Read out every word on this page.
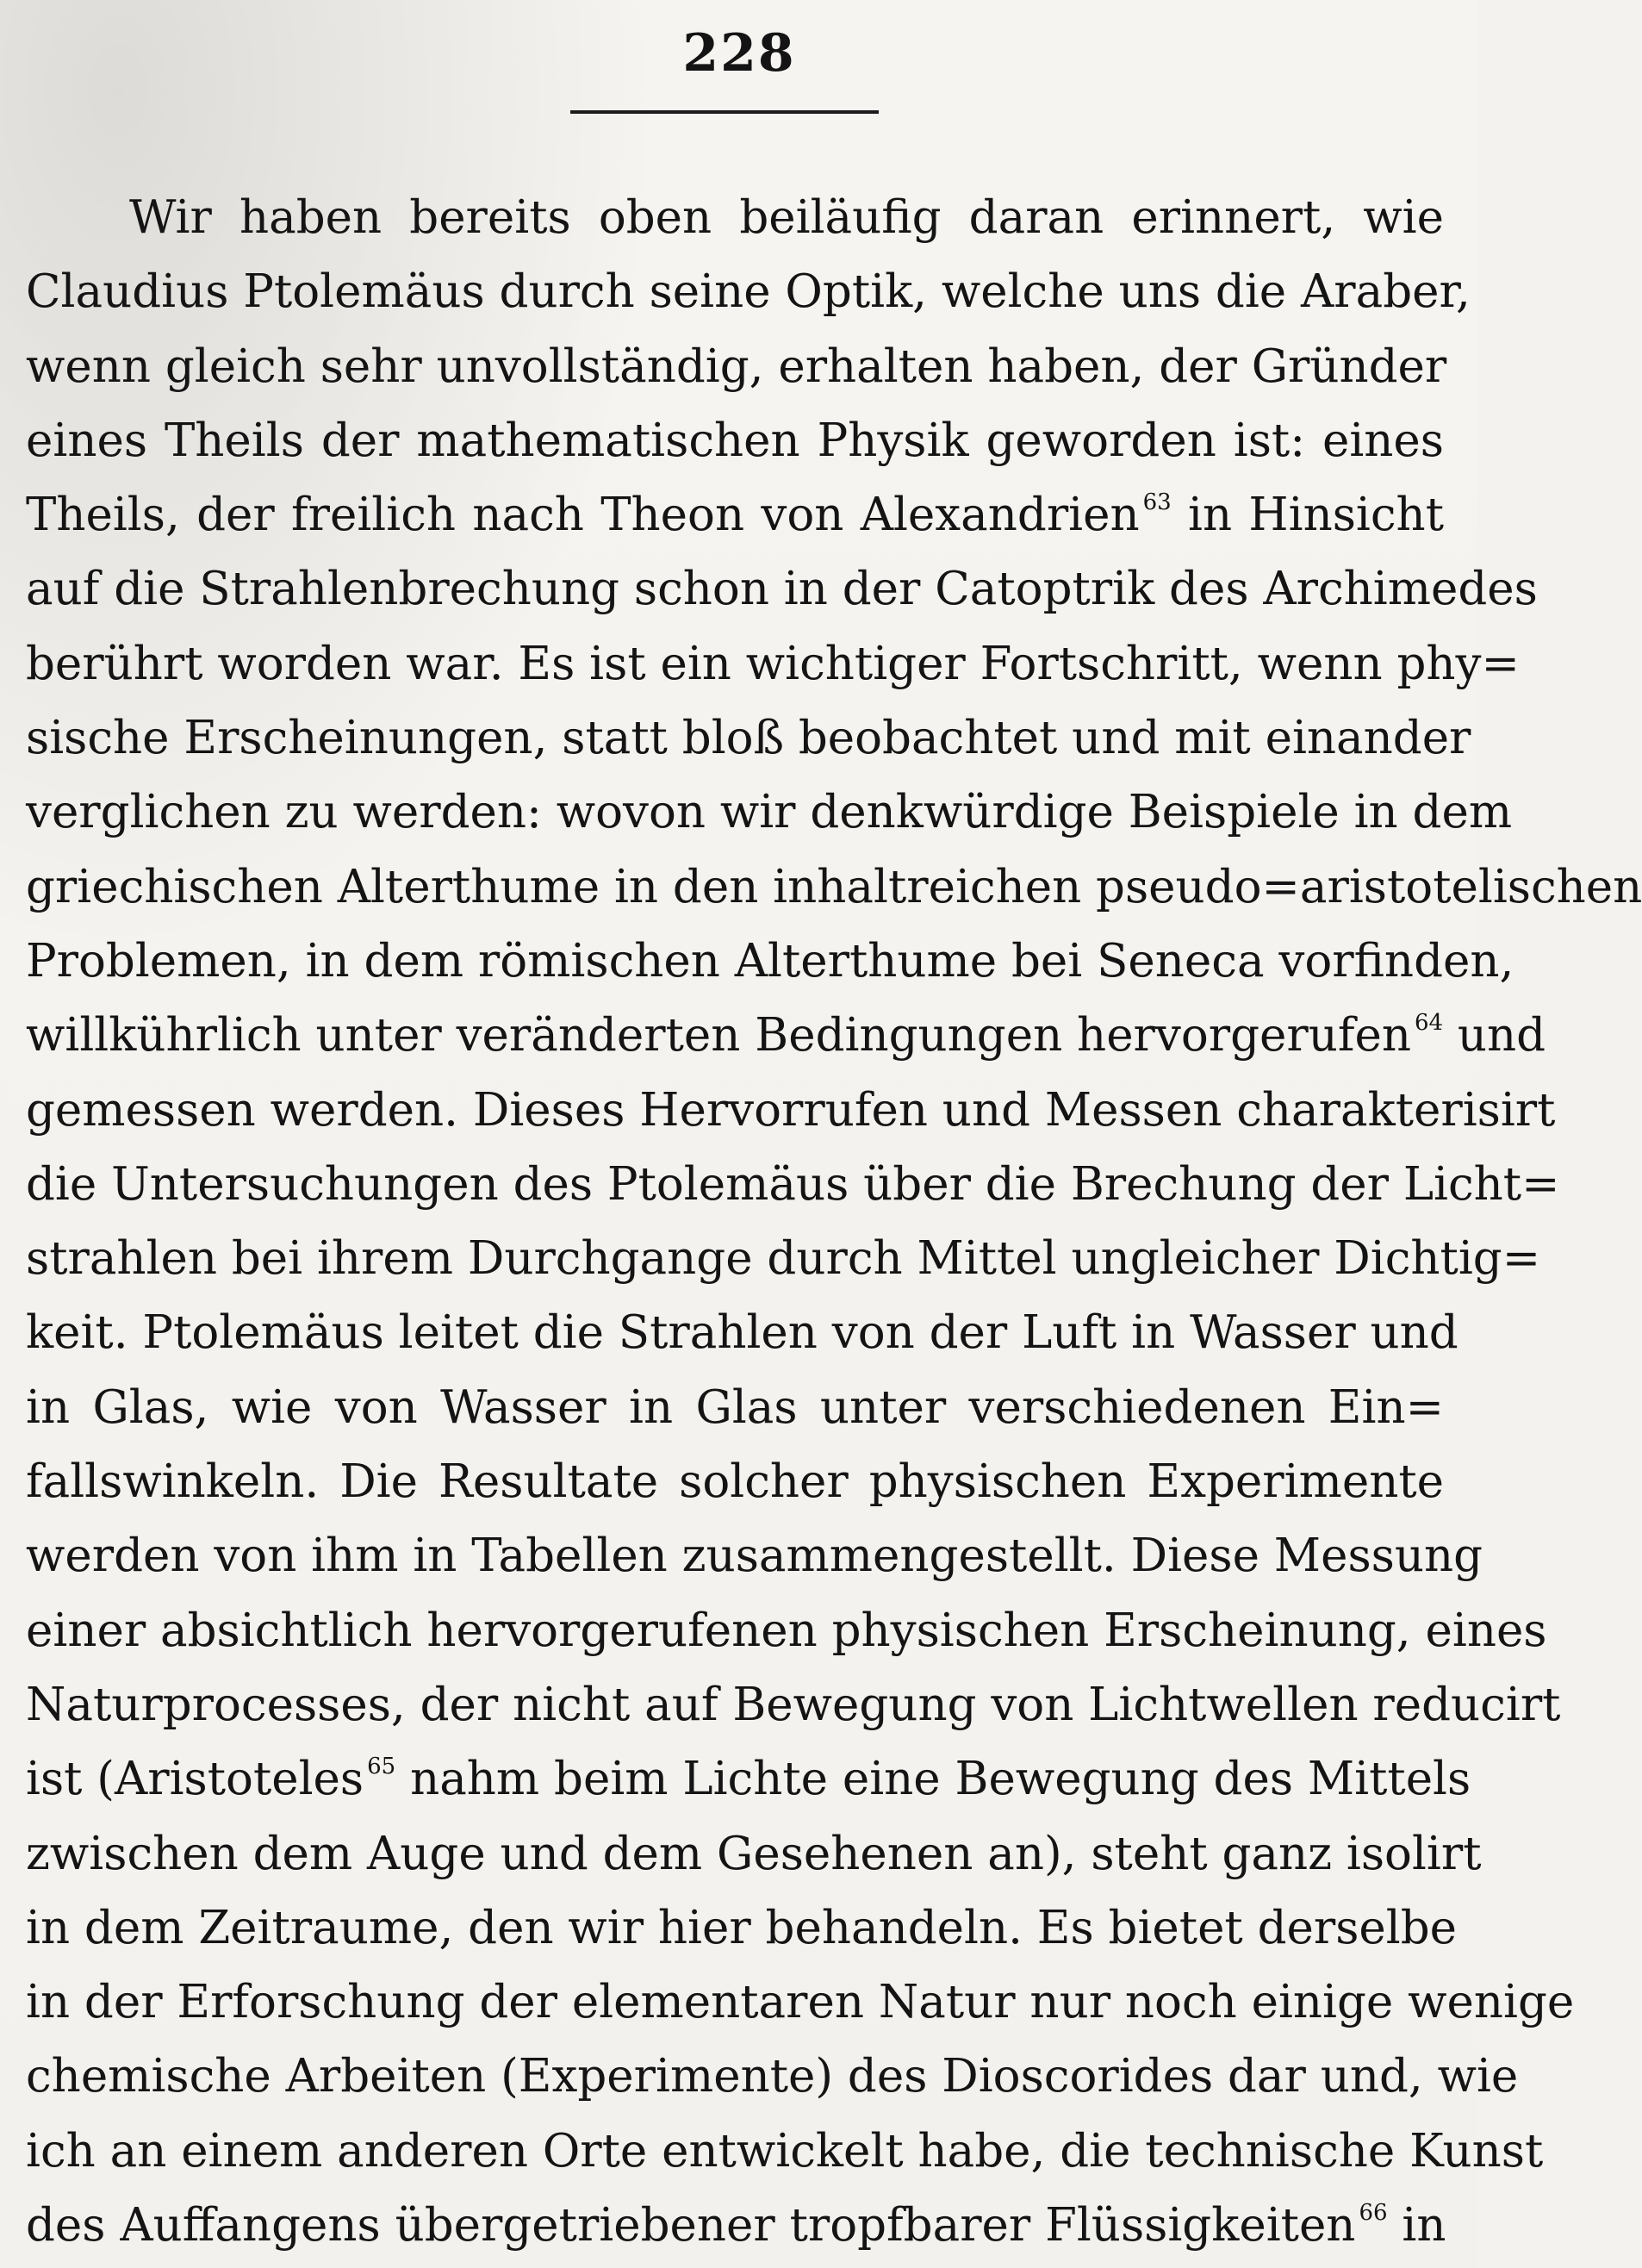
228
Wir haben bereits oben beiläufig daran erinnert, wie
Claudius Ptolemäus durch seine Optik, welche uns die Araber,
wenn gleich sehr unvollständig, erhalten haben, der Gründer
eines Theils der mathematischen Physik geworden ist: eines
Theils, der freilich nach Theon von Alexandrien $^{63}$ in Hinsicht
auf die Strahlenbrechung schon in der Catoptrik des Archimedes
berührt worden war. Es ist ein wichtiger Fortschritt, wenn phy=
sische Erscheinungen, statt bloß beobachtet und mit einander
verglichen zu werden: wovon wir denkwürdige Beispiele in dem
griechischen Alterthume in den inhaltreichen pseudo=aristotelischen
Problemen, in dem römischen Alterthume bei Seneca vorfinden,
willkührlich unter veränderten Bedingungen hervorgerufen $^{64}$ und
gemessen werden. Dieses Hervorrufen und Messen charakterisirt
die Untersuchungen des Ptolemäus über die Brechung der Licht=
strahlen bei ihrem Durchgange durch Mittel ungleicher Dichtig=
keit. Ptolemäus leitet die Strahlen von der Luft in Wasser und
in Glas, wie von Wasser in Glas unter verschiedenen Ein=
fallswinkeln. Die Resultate solcher physischen Experimente
werden von ihm in Tabellen zusammengestellt. Diese Messung
einer absichtlich hervorgerufenen physischen Erscheinung, eines
Naturprocesses, der nicht auf Bewegung von Lichtwellen reducirt
ist (Aristoteles $^{65}$ nahm beim Lichte eine Bewegung des Mittels
zwischen dem Auge und dem Gesehenen an), steht ganz isolirt
in dem Zeitraume, den wir hier behandeln. Es bietet derselbe
in der Erforschung der elementaren Natur nur noch einige wenige
chemische Arbeiten (Experimente) des Dioscorides dar und, wie
ich an einem anderen Orte entwickelt habe, die technische Kunst
des Auffangens übergetriebener tropfbarer Flüssigkeiten $^{66}$ in
